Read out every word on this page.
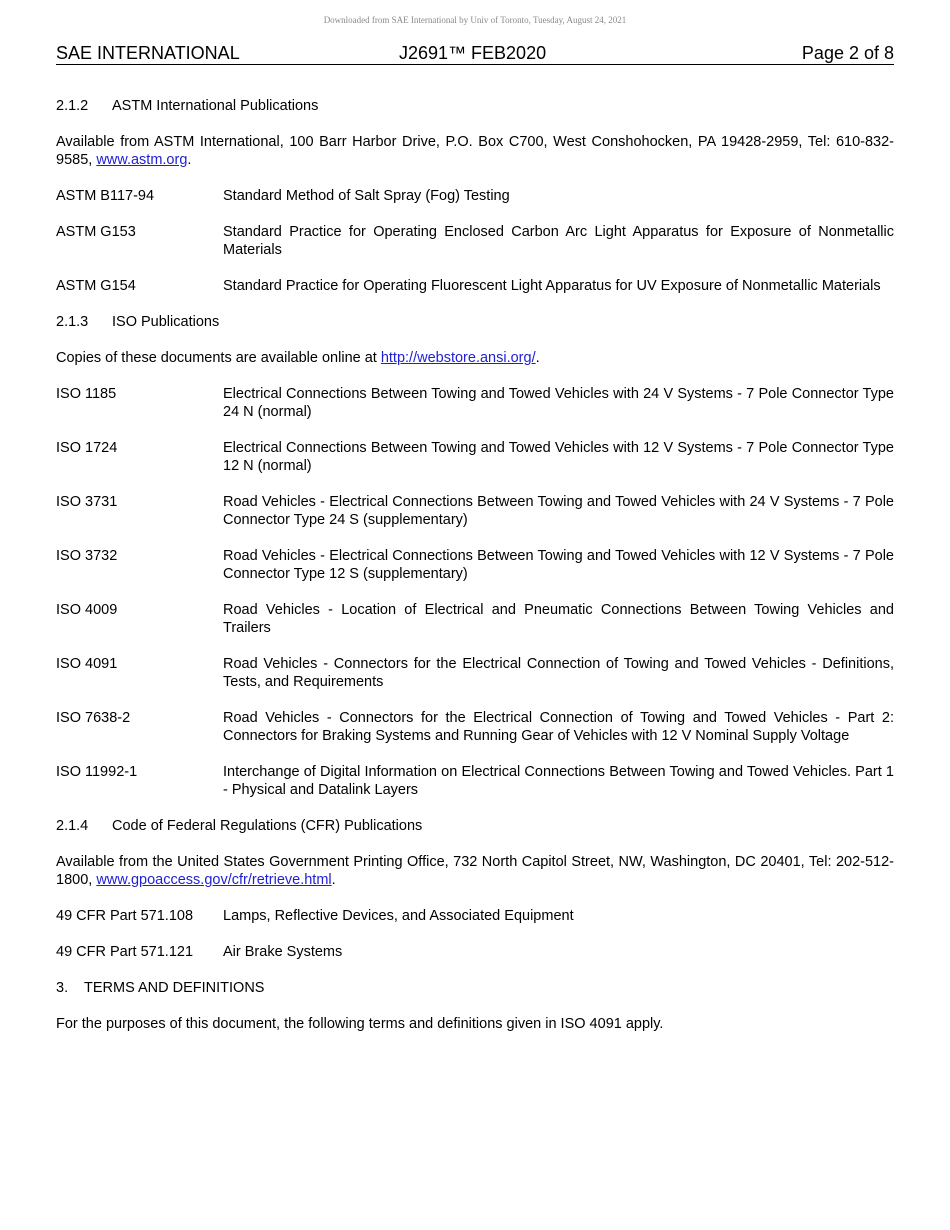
Downloaded from SAE International by Univ of Toronto, Tuesday, August 24, 2021
SAE INTERNATIONAL	J2691™ FEB2020	Page 2 of 8
2.1.2 ASTM International Publications

Available from ASTM International, 100 Barr Harbor Drive, P.O. Box C700, West Conshohocken, PA 19428-2959, Tel: 610-832-9585, www.astm.org.

ASTM B117-94	Standard Method of Salt Spray (Fog) Testing
ASTM G153	Standard Practice for Operating Enclosed Carbon Arc Light Apparatus for Exposure of Nonmetallic Materials
ASTM G154	Standard Practice for Operating Fluorescent Light Apparatus for UV Exposure of Nonmetallic Materials
2.1.3 ISO Publications

Copies of these documents are available online at http://webstore.ansi.org/.

ISO 1185	Electrical Connections Between Towing and Towed Vehicles with 24 V Systems - 7 Pole Connector Type 24 N (normal)
ISO 1724	Electrical Connections Between Towing and Towed Vehicles with 12 V Systems - 7 Pole Connector Type 12 N (normal)
ISO 3731	Road Vehicles - Electrical Connections Between Towing and Towed Vehicles with 24 V Systems - 7 Pole Connector Type 24 S (supplementary)
ISO 3732	Road Vehicles - Electrical Connections Between Towing and Towed Vehicles with 12 V Systems - 7 Pole Connector Type 12 S (supplementary)
ISO 4009	Road Vehicles - Location of Electrical and Pneumatic Connections Between Towing Vehicles and Trailers
ISO 4091	Road Vehicles - Connectors for the Electrical Connection of Towing and Towed Vehicles - Definitions, Tests, and Requirements
ISO 7638-2	Road Vehicles - Connectors for the Electrical Connection of Towing and Towed Vehicles - Part 2: Connectors for Braking Systems and Running Gear of Vehicles with 12 V Nominal Supply Voltage
ISO 11992-1	Interchange of Digital Information on Electrical Connections Between Towing and Towed Vehicles. Part 1 - Physical and Datalink Layers
2.1.4 Code of Federal Regulations (CFR) Publications

Available from the United States Government Printing Office, 732 North Capitol Street, NW, Washington, DC 20401, Tel: 202-512-1800, www.gpoaccess.gov/cfr/retrieve.html.

49 CFR Part 571.108	Lamps, Reflective Devices, and Associated Equipment
49 CFR Part 571.121	Air Brake Systems
3. TERMS AND DEFINITIONS

For the purposes of this document, the following terms and definitions given in ISO 4091 apply.
